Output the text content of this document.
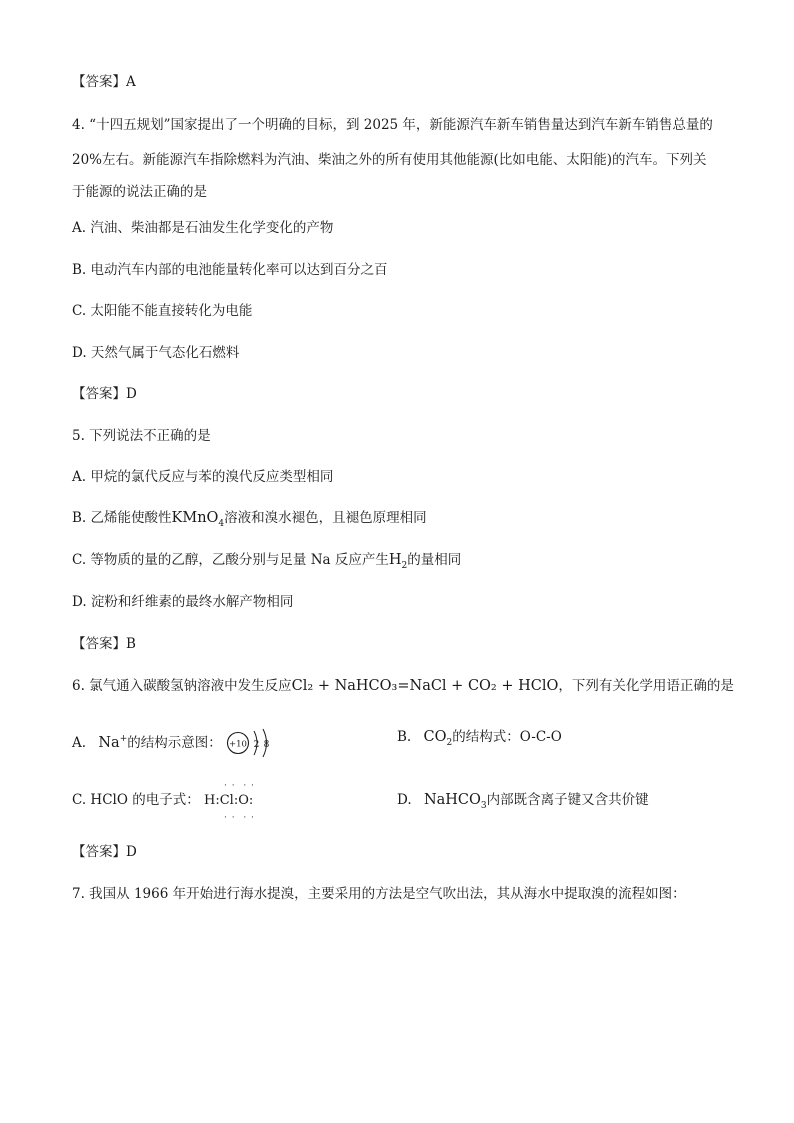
【答案】A
4. “十四五规划”国家提出了一个明确的目标，到 2025 年，新能源汽车新车销售量达到汽车新车销售总量的
20%左右。新能源汽车指除燃料为汽油、柴油之外的所有使用其他能源(比如电能、太阳能)的汽车。下列关
于能源的说法正确的是
A. 汽油、柴油都是石油发生化学变化的产物
B. 电动汽车内部的电池能量转化率可以达到百分之百
C. 太阳能不能直接转化为电能
D. 天然气属于气态化石燃料
【答案】D
5. 下列说法不正确的是
A. 甲烷的氯代反应与苯的溴代反应类型相同
B. 乙烯能使酸性KMnO$_4$溶液和溴水褪色，且褪色原理相同
C. 等物质的量的乙醇，乙酸分别与足量 Na 反应产生$H_2$的量相同
D. 淀粉和纤维素的最终水解产物相同
【答案】B
6. 氯气通入碳酸氢钠溶液中发生反应Cl₂ + NaHCO₃=NaCl + CO₂ + HClO，下列有关化学用语正确的是
A. Na+的结构示意图： +10 2 8
B. $CO_2$的结构式：O-C-O
C. HClO 的电子式：
· ·  · ·
H:Cl:O:
· ·  · ·
D. NaHCO$_3$内部既含离子键又含共价键
【答案】D
7. 我国从 1966 年开始进行海水提溴，主要采用的方法是空气吹出法，其从海水中提取溴的流程如图：
